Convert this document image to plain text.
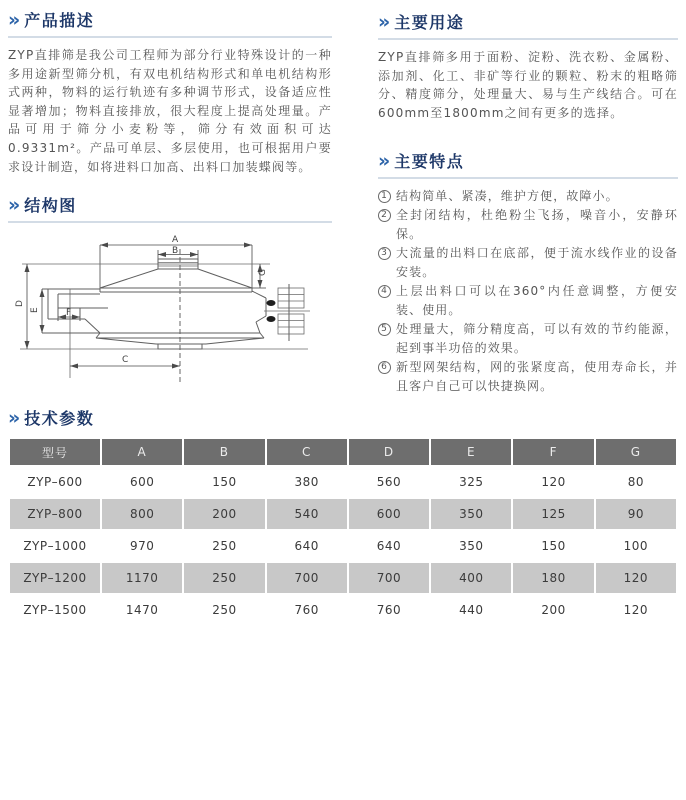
» 产品描述

ZYP直排筛是我公司工程师为部分行业特殊设计的一种多用途新型筛分机，有双电机结构形式和单电机结构形式两种，物料的运行轨迹有多种调节形式，设备适应性显著增加；物料直接排放，很大程度上提高处理量。产品可用于筛分小麦粉等，筛分有效面积可达0.9331m²。产品可单层、多层使用，也可根据用户要求设计制造，如将进料口加高、出料口加装蝶阀等。

» 结构图
A
B
G
F
D
E
C
» 主要用途

ZYP直排筛多用于面粉、淀粉、洗衣粉、金属粉、添加剂、化工、非矿等行业的颗粒、粉末的粗略筛分、精度筛分，处理量大、易与生产线结合。可在600mm至1800mm之间有更多的选择。

» 主要特点
1 结构简单、紧凑，维护方便，故障小。
2 全封闭结构，杜绝粉尘飞扬，噪音小，安静环保。
3 大流量的出料口在底部，便于流水线作业的设备安装。
4 上层出料口可以在360°内任意调整，方便安装、使用。
5 处理量大，筛分精度高，可以有效的节约能源，起到事半功倍的效果。
6 新型网架结构，网的张紧度高，使用寿命长，并且客户自己可以快捷换网。
» 技术参数
型号	A	B	C	D	E	F	G
ZYP–600	600	150	380	560	325	120	80
ZYP–800	800	200	540	600	350	125	90
ZYP–1000	970	250	640	640	350	150	100
ZYP–1200	1170	250	700	700	400	180	120
ZYP–1500	1470	250	760	760	440	200	120
